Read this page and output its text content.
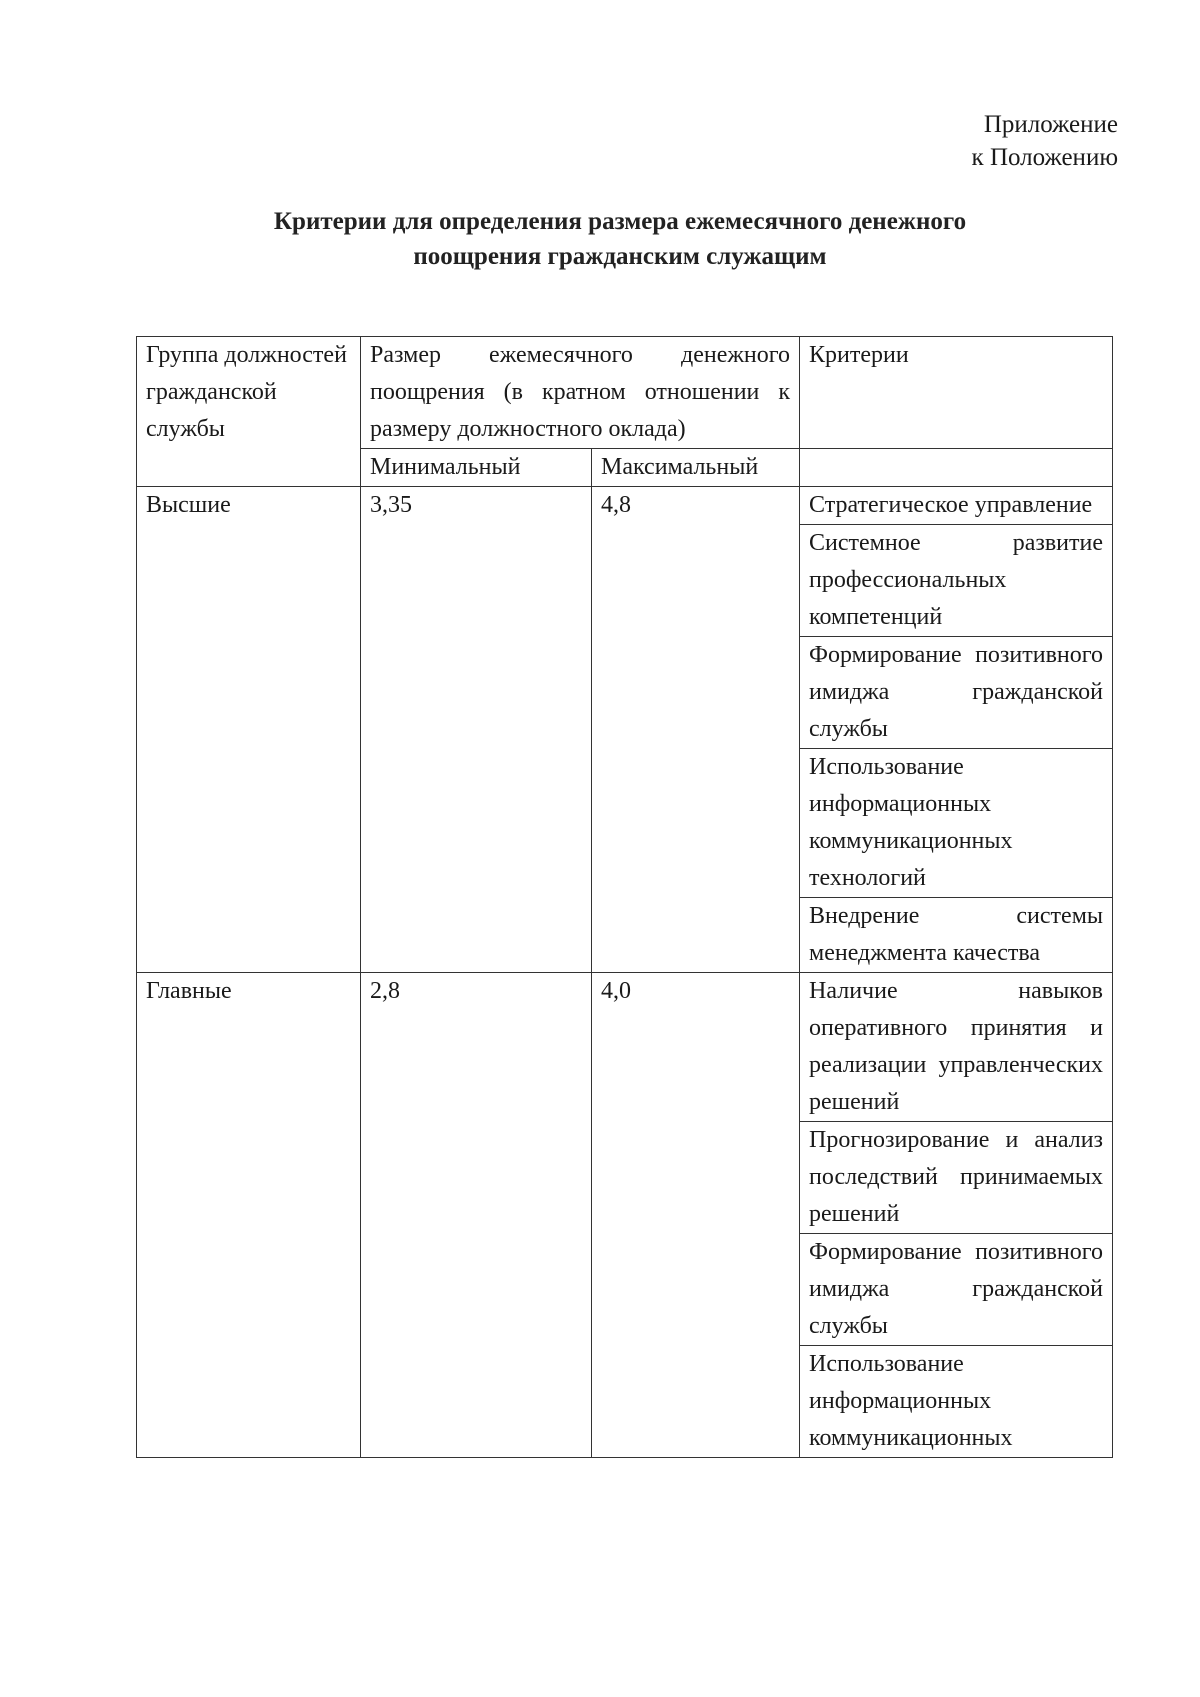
Приложение
к Положению
Критерии для определения размера ежемесячного денежного
поощрения гражданским служащим
Группа должностей гражданской службы	Размер ежемесячного денежного поощрения (в кратном отношении к размеру должностного оклада)		Критерии
	Минимальный	Максимальный	
Высшие	3,35	4,8	Стратегическое управление
			Системное развитие профессиональных компетенций
			Формирование позитивного имиджа гражданской службы
			Использование информационных коммуникационных технологий
			Внедрение системы менеджмента качества
Главные	2,8	4,0	Наличие навыков оперативного принятия и реализации управленческих решений
			Прогнозирование и анализ последствий принимаемых решений
			Формирование позитивного имиджа гражданской службы
			Использование информационных коммуникационных
